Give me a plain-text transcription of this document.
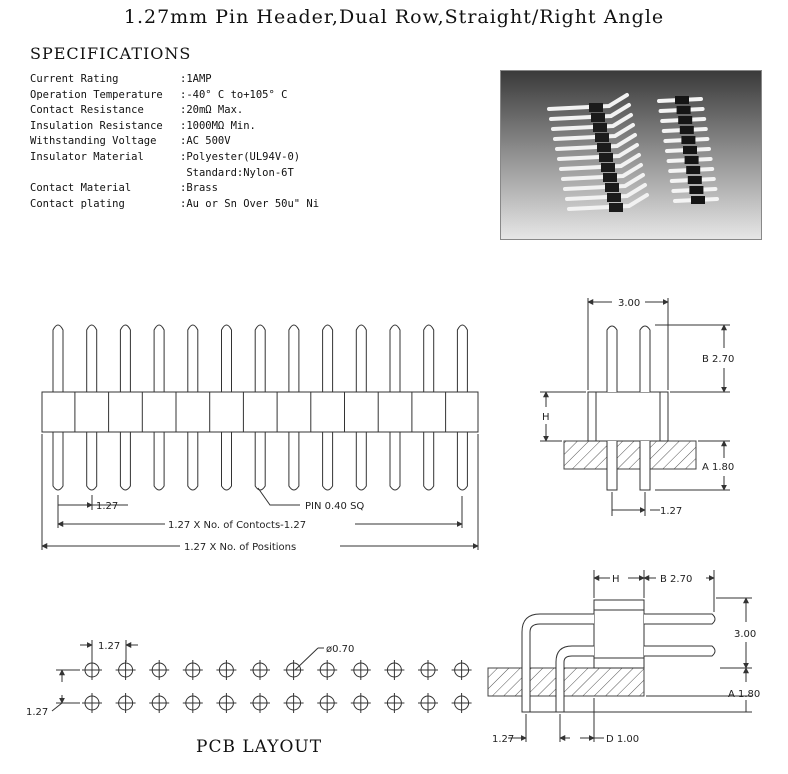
1.27mm Pin Header,Dual Row,Straight/Right Angle
SPECIFICATIONS
Current Rating	:1AMP
Operation Temperature	:-40° C to+105° C
Contact Resistance	:20mΩ Max.
Insulation Resistance	:1000MΩ Min.
Withstanding Voltage	:AC 500V
Insulator Material	:Polyester(UL94V-0)
Standard:Nylon-6T
Contact Material	:Brass
Contact plating	:Au or Sn Over 50u" Ni
1.27	PIN 0.40 SQ
1.27 X No. of Contocts-1.27
1.27 X No. of Positions
3.00
B 2.70
H
A 1.80
1.27
1.27	ø0.70
1.27
H	B 2.70
3.00
A 1.80
1.27	D 1.00
PCB LAYOUT
